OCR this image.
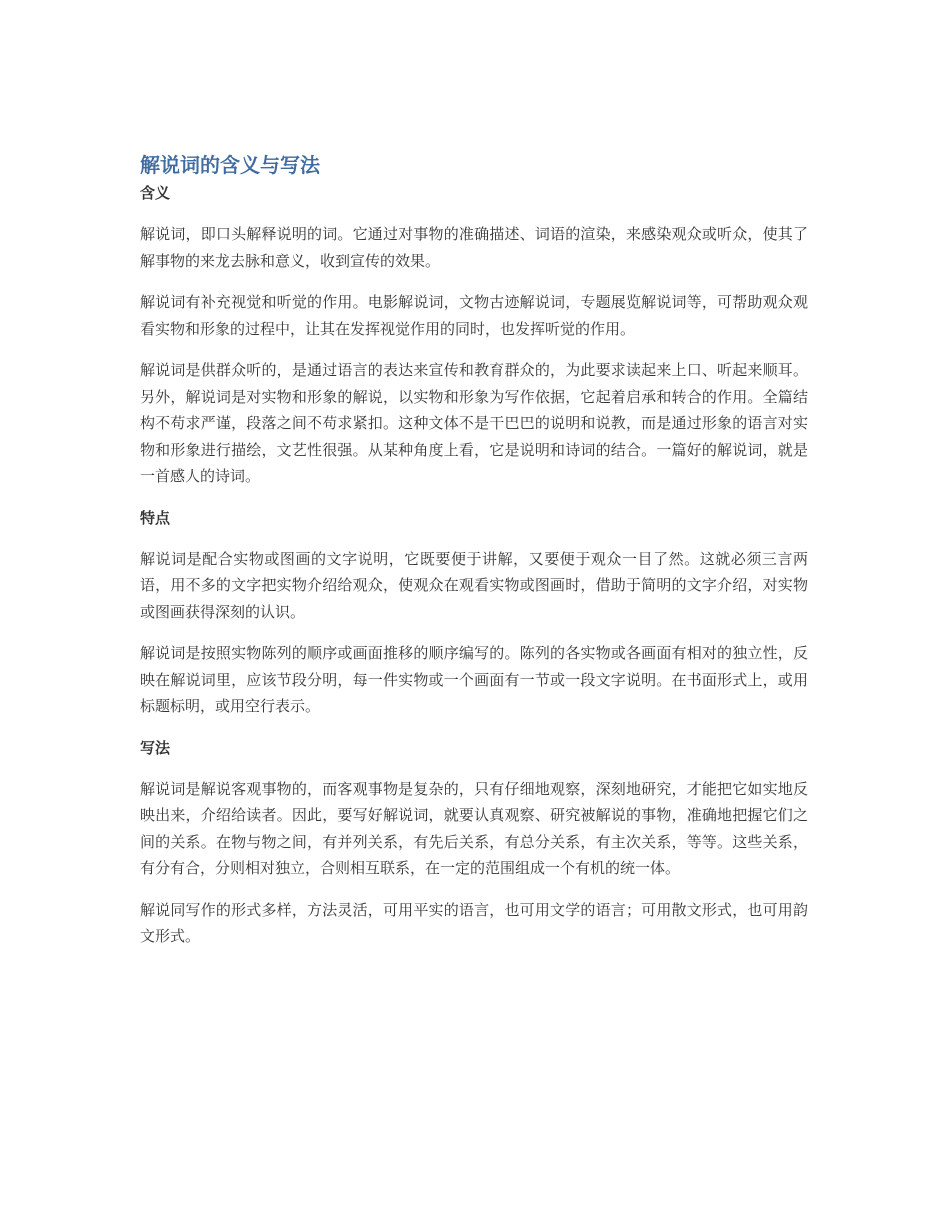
解说词的含义与写法
含义

解说词，即口头解释说明的词。它通过对事物的准确描述、词语的渲染，来感染观众或听众，使其了解事物的来龙去脉和意义，收到宣传的效果。

解说词有补充视觉和听觉的作用。电影解说词，文物古迹解说词，专题展览解说词等，可帮助观众观看实物和形象的过程中，让其在发挥视觉作用的同时，也发挥听觉的作用。

解说词是供群众听的，是通过语言的表达来宣传和教育群众的，为此要求读起来上口、听起来顺耳。另外，解说词是对实物和形象的解说，以实物和形象为写作依据，它起着启承和转合的作用。全篇结构不苟求严谨，段落之间不苟求紧扣。这种文体不是干巴巴的说明和说教，而是通过形象的语言对实物和形象进行描绘，文艺性很强。从某种角度上看，它是说明和诗词的结合。一篇好的解说词，就是一首感人的诗词。

特点

解说词是配合实物或图画的文字说明，它既要便于讲解，又要便于观众一目了然。这就必须三言两语，用不多的文字把实物介绍给观众，使观众在观看实物或图画时，借助于简明的文字介绍，对实物或图画获得深刻的认识。

解说词是按照实物陈列的顺序或画面推移的顺序编写的。陈列的各实物或各画面有相对的独立性，反映在解说词里，应该节段分明，每一件实物或一个画面有一节或一段文字说明。在书面形式上，或用标题标明，或用空行表示。

写法

解说词是解说客观事物的，而客观事物是复杂的，只有仔细地观察，深刻地研究，才能把它如实地反映出来，介绍给读者。因此，要写好解说词，就要认真观察、研究被解说的事物，准确地把握它们之间的关系。在物与物之间，有并列关系，有先后关系，有总分关系，有主次关系，等等。这些关系，有分有合，分则相对独立，合则相互联系，在一定的范围组成一个有机的统一体。

解说同写作的形式多样，方法灵活，可用平实的语言，也可用文学的语言；可用散文形式，也可用韵文形式。
